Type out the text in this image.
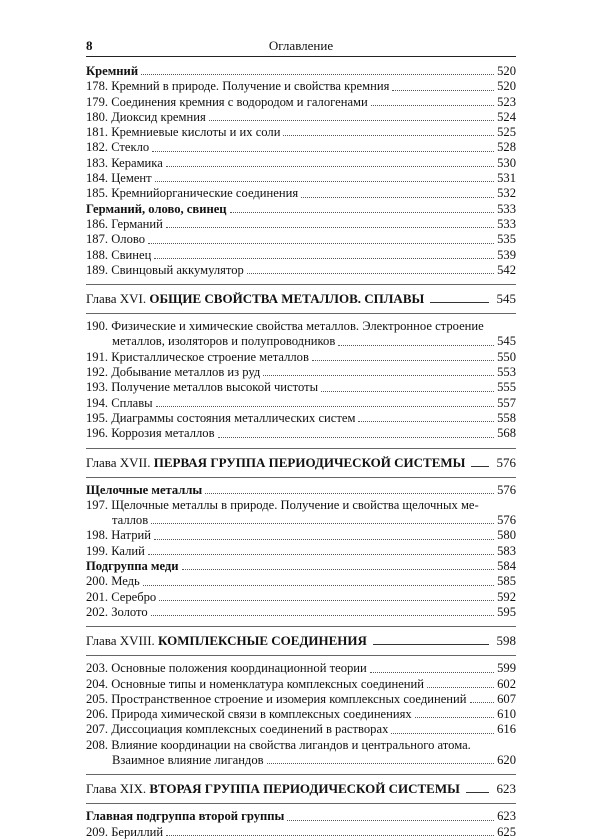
8	Оглавление
Кремний	520
178. Кремний в природе. Получение и свойства кремния	520
179. Соединения кремния с водородом и галогенами	523
180. Диоксид кремния	524
181. Кремниевые кислоты и их соли	525
182. Стекло	528
183. Керамика	530
184. Цемент	531
185. Кремнийорганические соединения	532
Германий, олово, свинец	533
186. Германий	533
187. Олово	535
188. Свинец	539
189. Свинцовый аккумулятор	542
Глава XVI. ОБЩИЕ СВОЙСТВА МЕТАЛЛОВ. СПЛАВЫ	545
190. Физические и химические свойства металлов. Электронное строение
металлов, изоляторов и полупроводников	545
191. Кристаллическое строение металлов	550
192. Добывание металлов из руд	553
193. Получение металлов высокой чистоты	555
194. Сплавы	557
195. Диаграммы состояния металлических систем	558
196. Коррозия металлов	568
Глава XVII. ПЕРВАЯ ГРУППА ПЕРИОДИЧЕСКОЙ СИСТЕМЫ 576
Щелочные металлы	576
197. Щелочные металлы в природе. Получение и свойства щелочных ме-
таллов	576
198. Натрий	580
199. Калий	583
Подгруппа меди	584
200. Медь	585
201. Серебро	592
202. Золото	595
Глава XVIII. КОМПЛЕКСНЫЕ СОЕДИНЕНИЯ	598
203. Основные положения координационной теории	599
204. Основные типы и номенклатура комплексных соединений	602
205. Пространственное строение и изомерия комплексных соединений 607
206. Природа химической связи в комплексных соединениях	610
207. Диссоциация комплексных соединений в растворах	616
208. Влияние координации на свойства лигандов и центрального атома.
Взаимное влияние лигандов	620
Глава XIX. ВТОРАЯ ГРУППА ПЕРИОДИЧЕСКОЙ СИСТЕМЫ	623
Главная подгруппа второй группы	623
209. Бериллий	625
